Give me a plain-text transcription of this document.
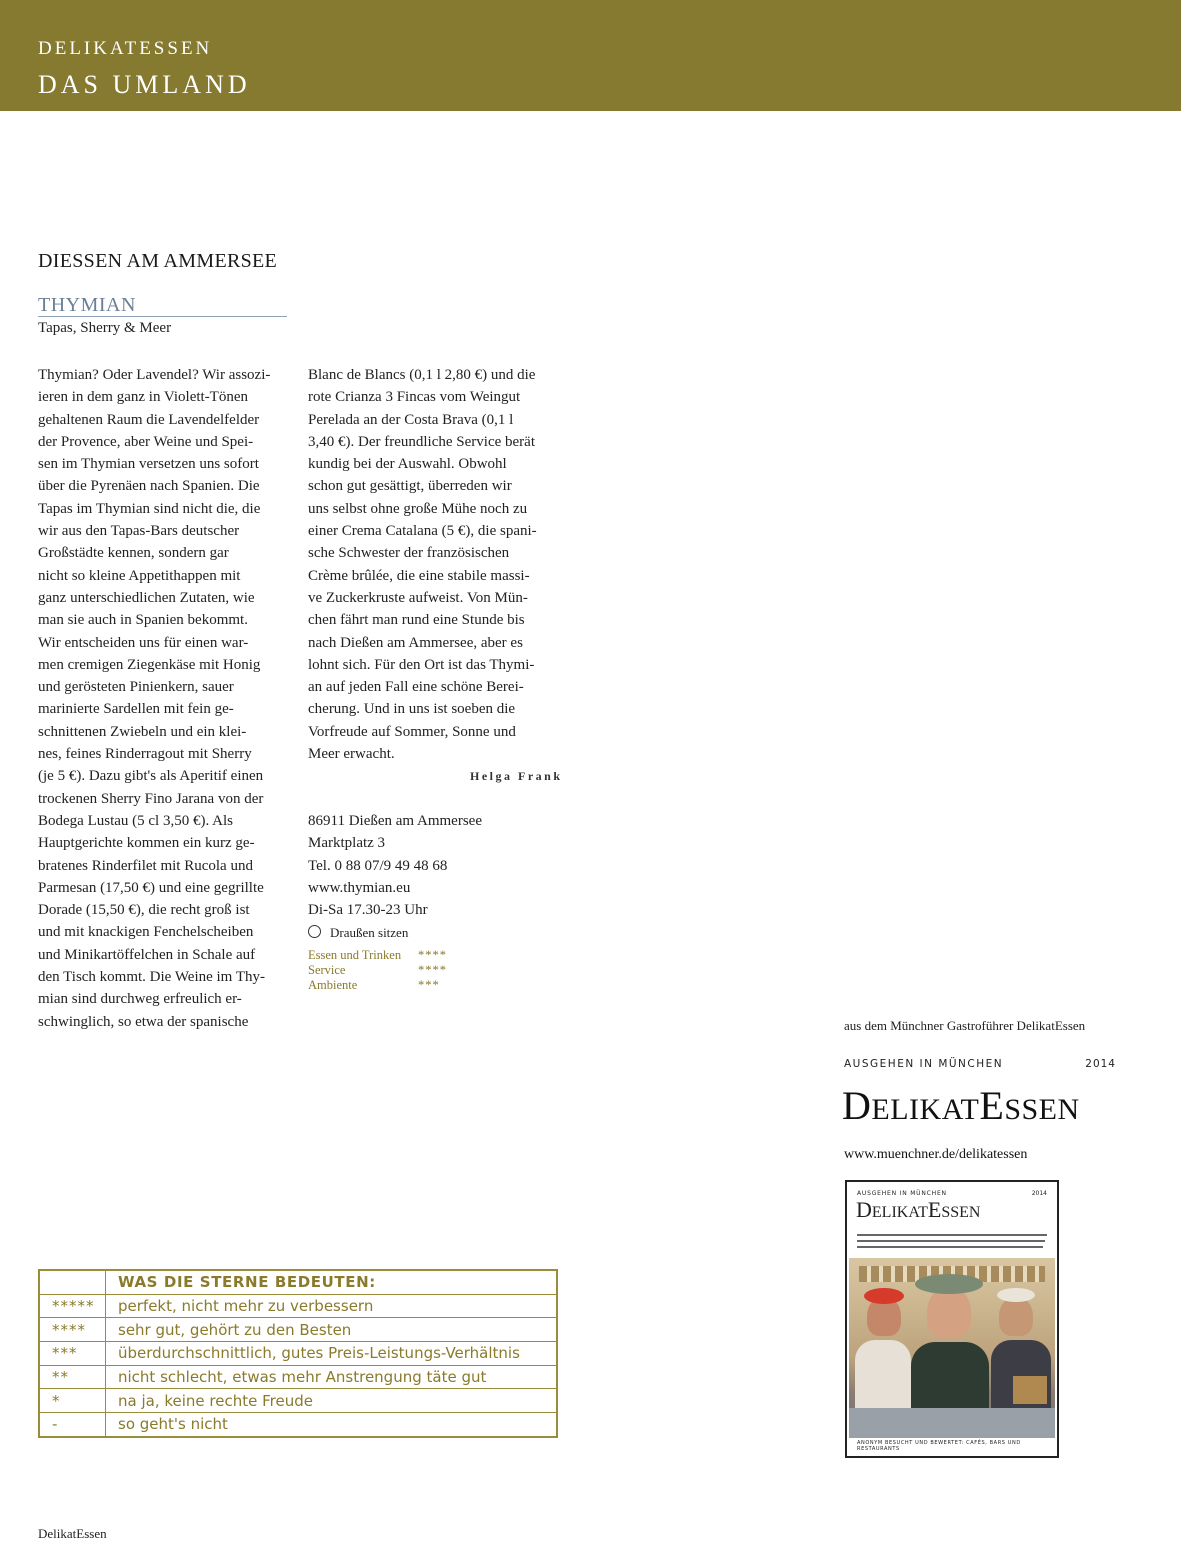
DELIKATESSEN
DAS UMLAND
DIESSEN AM AMMERSEE
THYMIAN
Tapas, Sherry & Meer

Thymian? Oder Lavendel? Wir assozi-

ieren in dem ganz in Violett-Tönen

gehaltenen Raum die Lavendelfelder

der Provence, aber Weine und Spei-

sen im Thymian versetzen uns sofort

über die Pyrenäen nach Spanien. Die

Tapas im Thymian sind nicht die, die

wir aus den Tapas-Bars deutscher

Großstädte kennen, sondern gar

nicht so kleine Appetithappen mit

ganz unterschiedlichen Zutaten, wie

man sie auch in Spanien bekommt.

Wir entscheiden uns für einen war-

men cremigen Ziegenkäse mit Honig

und gerösteten Pinienkern, sauer

marinierte Sardellen mit fein ge-

schnittenen Zwiebeln und ein klei-

nes, feines Rinderragout mit Sherry

(je 5 €). Dazu gibt's als Aperitif einen

trockenen Sherry Fino Jarana von der

Bodega Lustau (5 cl 3,50 €). Als

Hauptgerichte kommen ein kurz ge-

bratenes Rinderfilet mit Rucola und

Parmesan (17,50 €) und eine gegrillte

Dorade (15,50 €), die recht groß ist

und mit knackigen Fenchelscheiben

und Minikartöffelchen in Schale auf

den Tisch kommt. Die Weine im Thy-

mian sind durchweg erfreulich er-

schwinglich, so etwa der spanische

Blanc de Blancs (0,1 l 2,80 €) und die

rote Crianza 3 Fincas vom Weingut

Perelada an der Costa Brava (0,1 l

3,40 €). Der freundliche Service berät

kundig bei der Auswahl. Obwohl

schon gut gesättigt, überreden wir

uns selbst ohne große Mühe noch zu

einer Crema Catalana (5 €), die spani-

sche Schwester der französischen

Crème brûlée, die eine stabile massi-

ve Zuckerkruste aufweist. Von Mün-

chen fährt man rund eine Stunde bis

nach Dießen am Ammersee, aber es

lohnt sich. Für den Ort ist das Thymi-

an auf jeden Fall eine schöne Berei-

cherung. Und in uns ist soeben die

Vorfreude auf Sommer, Sonne und

Meer erwacht.

Helga Frank
86911 Dießen am Ammersee
Marktplatz 3
Tel. 0 88 07/9 49 48 68
www.thymian.eu
Di-Sa 17.30-23 Uhr
Draußen sitzen
Essen und Trinken	****
Service	****
Ambiente	***
aus dem Münchner Gastroführer DelikatEssen
AUSGEHEN IN MÜNCHEN	2014
DELIKATESSEN
www.muenchner.de/delikatessen
AUSGEHEN IN MÜNCHEN	2014
DELIKATESSEN
ANONYM BESUCHT UND BEWERTET: CAFÉS, BARS UND RESTAURANTS
	WAS DIE STERNE BEDEUTEN:
*****	perfekt, nicht mehr zu verbessern
****	sehr gut, gehört zu den Besten
***	überdurchschnittlich, gutes Preis-Leistungs-Verhältnis
**	nicht schlecht, etwas mehr Anstrengung täte gut
*	na ja, keine rechte Freude
-	so geht's nicht
DelikatEssen
